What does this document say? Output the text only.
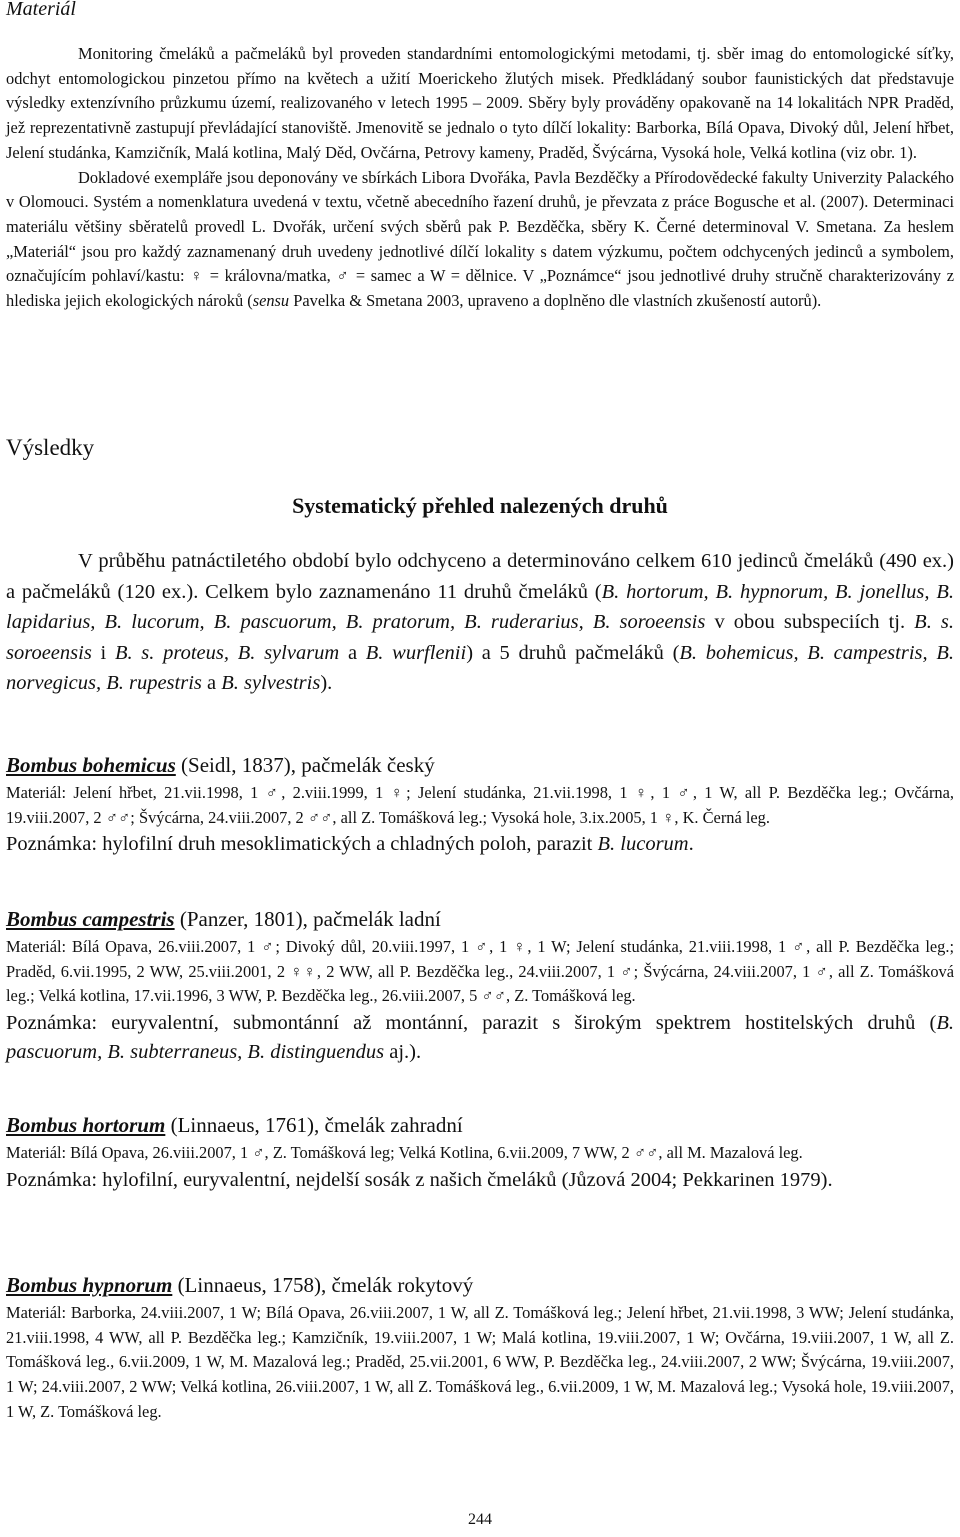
Materiál

Monitoring čmeláků a pačmeláků byl proveden standardními entomologickými metodami, tj. sběr imag do entomologické síťky, odchyt entomologickou pinzetou přímo na květech a užití Moerickeho žlutých misek. Předkládaný soubor faunistických dat představuje výsledky extenzívního průzkumu území, realizovaného v letech 1995 – 2009. Sběry byly prováděny opakovaně na 14 lokalitách NPR Praděd, jež reprezentativně zastupují převládající stanoviště. Jmenovitě se jednalo o tyto dílčí lokality: Barborka, Bílá Opava, Divoký důl, Jelení hřbet, Jelení studánka, Kamzičník, Malá kotlina, Malý Děd, Ovčárna, Petrovy kameny, Praděd, Švýcárna, Vysoká hole, Velká kotlina (viz obr. 1).

Dokladové exempláře jsou deponovány ve sbírkách Libora Dvořáka, Pavla Bezděčky a Přírodovědecké fakulty Univerzity Palackého v Olomouci. Systém a nomenklatura uvedená v textu, včetně abecedního řazení druhů, je převzata z práce Bogusche et al. (2007). Determinaci materiálu většiny sběratelů provedl L. Dvořák, určení svých sběrů pak P. Bezděčka, sběry K. Černé determinoval V. Smetana. Za heslem „Materiál“ jsou pro každý zaznamenaný druh uvedeny jednotlivé dílčí lokality s datem výzkumu, počtem odchycených jedinců a symbolem, označujícím pohlaví/kastu: ♀ = královna/matka, ♂ = samec a W = dělnice. V „Poznámce“ jsou jednotlivé druhy stručně charakterizovány z hlediska jejich ekologických nároků (sensu Pavelka & Smetana 2003, upraveno a doplněno dle vlastních zkušeností autorů).

Výsledky
Systematický přehled nalezených druhů

V průběhu patnáctiletého období bylo odchyceno a determinováno celkem 610 jedinců čmeláků (490 ex.) a pačmeláků (120 ex.). Celkem bylo zaznamenáno 11 druhů čmeláků (B. hortorum, B. hypnorum, B. jonellus, B. lapidarius, B. lucorum, B. pascuorum, B. pratorum, B. ruderarius, B. soroeensis v obou subspeciích tj. B. s. soroeensis i B. s. proteus, B. sylvarum a B. wurflenii) a 5 druhů pačmeláků (B. bohemicus, B. campestris, B. norvegicus, B. rupestris a B. sylvestris).

Bombus bohemicus (Seidl, 1837), pačmelák český

Materiál: Jelení hřbet, 21.vii.1998, 1 ♂, 2.viii.1999, 1 ♀; Jelení studánka, 21.vii.1998, 1 ♀, 1 ♂, 1 W, all P. Bezděčka leg.; Ovčárna, 19.viii.2007, 2 ♂♂; Švýcárna, 24.viii.2007, 2 ♂♂, all Z. Tomášková leg.; Vysoká hole, 3.ix.2005, 1 ♀, K. Černá leg.

Poznámka: hylofilní druh mesoklimatických a chladných poloh, parazit B. lucorum.

Bombus campestris (Panzer, 1801), pačmelák ladní

Materiál: Bílá Opava, 26.viii.2007, 1 ♂; Divoký důl, 20.viii.1997, 1 ♂, 1 ♀, 1 W; Jelení studánka, 21.viii.1998, 1 ♂, all P. Bezděčka leg.; Praděd, 6.vii.1995, 2 WW, 25.viii.2001, 2 ♀♀, 2 WW, all P. Bezděčka leg., 24.viii.2007, 1 ♂; Švýcárna, 24.viii.2007, 1 ♂, all Z. Tomášková leg.; Velká kotlina, 17.vii.1996, 3 WW, P. Bezděčka leg., 26.viii.2007, 5 ♂♂, Z. Tomášková leg.

Poznámka: euryvalentní, submontánní až montánní, parazit s širokým spektrem hostitelských druhů (B. pascuorum, B. subterraneus, B. distinguendus aj.).

Bombus hortorum (Linnaeus, 1761), čmelák zahradní

Materiál: Bílá Opava, 26.viii.2007, 1 ♂, Z. Tomášková leg; Velká Kotlina, 6.vii.2009, 7 WW, 2 ♂♂, all M. Mazalová leg.

Poznámka: hylofilní, euryvalentní, nejdelší sosák z našich čmeláků (Jůzová 2004; Pekkarinen 1979).

Bombus hypnorum (Linnaeus, 1758), čmelák rokytový

Materiál: Barborka, 24.viii.2007, 1 W; Bílá Opava, 26.viii.2007, 1 W, all Z. Tomášková leg.; Jelení hřbet, 21.vii.1998, 3 WW; Jelení studánka, 21.viii.1998, 4 WW, all P. Bezděčka leg.; Kamzičník, 19.viii.2007, 1 W; Malá kotlina, 19.viii.2007, 1 W; Ovčárna, 19.viii.2007, 1 W, all Z. Tomášková leg., 6.vii.2009, 1 W, M. Mazalová leg.; Praděd, 25.vii.2001, 6 WW, P. Bezděčka leg., 24.viii.2007, 2 WW; Švýcárna, 19.viii.2007, 1 W; 24.viii.2007, 2 WW; Velká kotlina, 26.viii.2007, 1 W, all Z. Tomášková leg., 6.vii.2009, 1 W, M. Mazalová leg.; Vysoká hole, 19.viii.2007, 1 W, Z. Tomášková leg.

244
